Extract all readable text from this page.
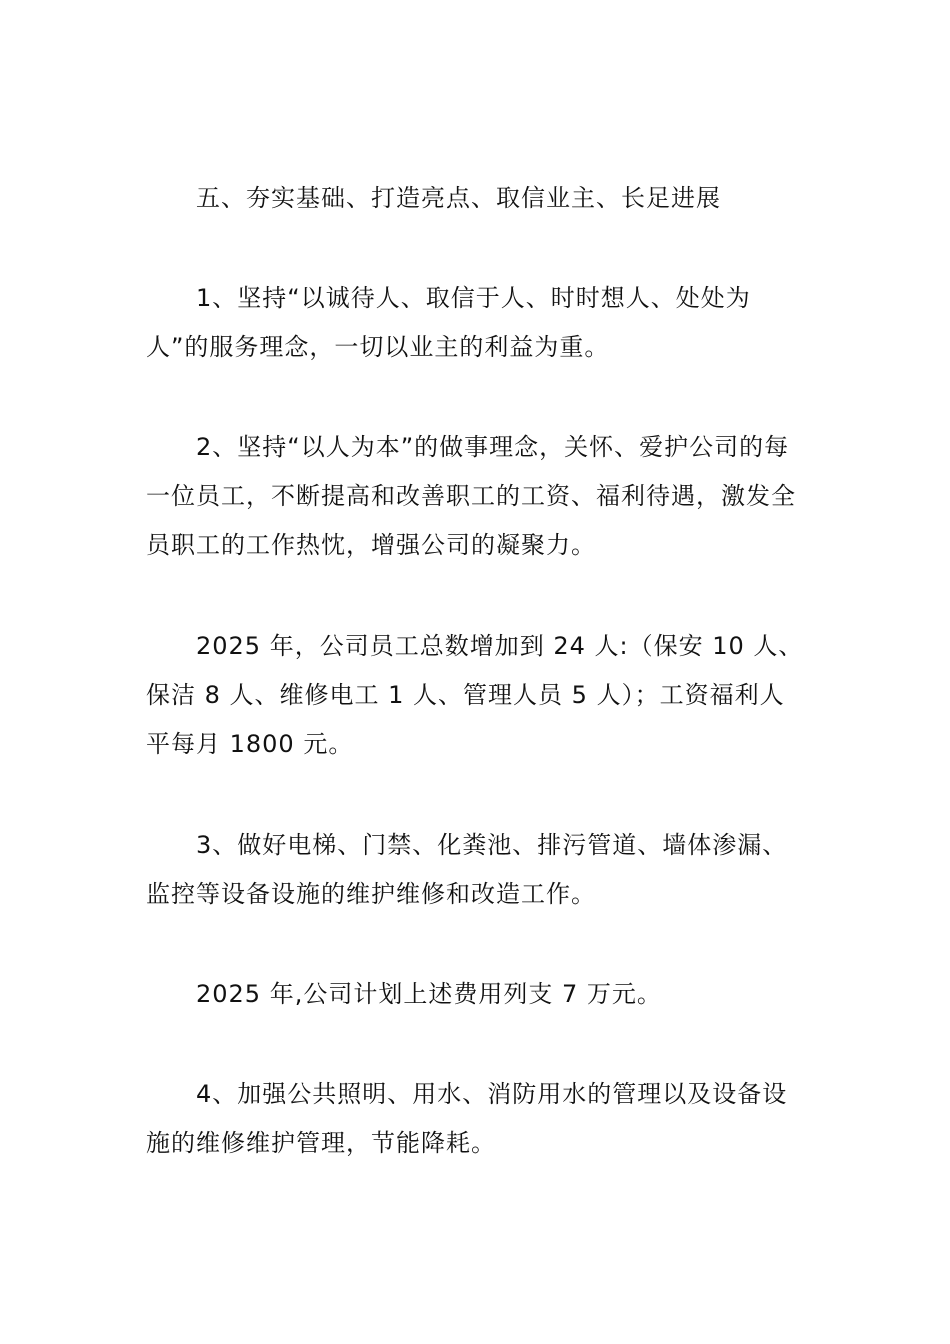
五、夯实基础、打造亮点、取信业主、长足进展

1、坚持“以诚待人、取信于人、时时想人、处处为人”的服务理念，一切以业主的利益为重。

2、坚持“以人为本”的做事理念，关怀、爱护公司的每一位员工，不断提高和改善职工的工资、福利待遇，激发全员职工的工作热忱，增强公司的凝聚力。

2025 年，公司员工总数增加到 24 人:（保安 10 人、保洁 8 人、维修电工 1 人、管理人员 5 人）；工资福利人平每月 1800 元。

3、做好电梯、门禁、化粪池、排污管道、墙体渗漏、监控等设备设施的维护维修和改造工作。

2025 年,公司计划上述费用列支 7 万元。

4、加强公共照明、用水、消防用水的管理以及设备设施的维修维护管理，节能降耗。
